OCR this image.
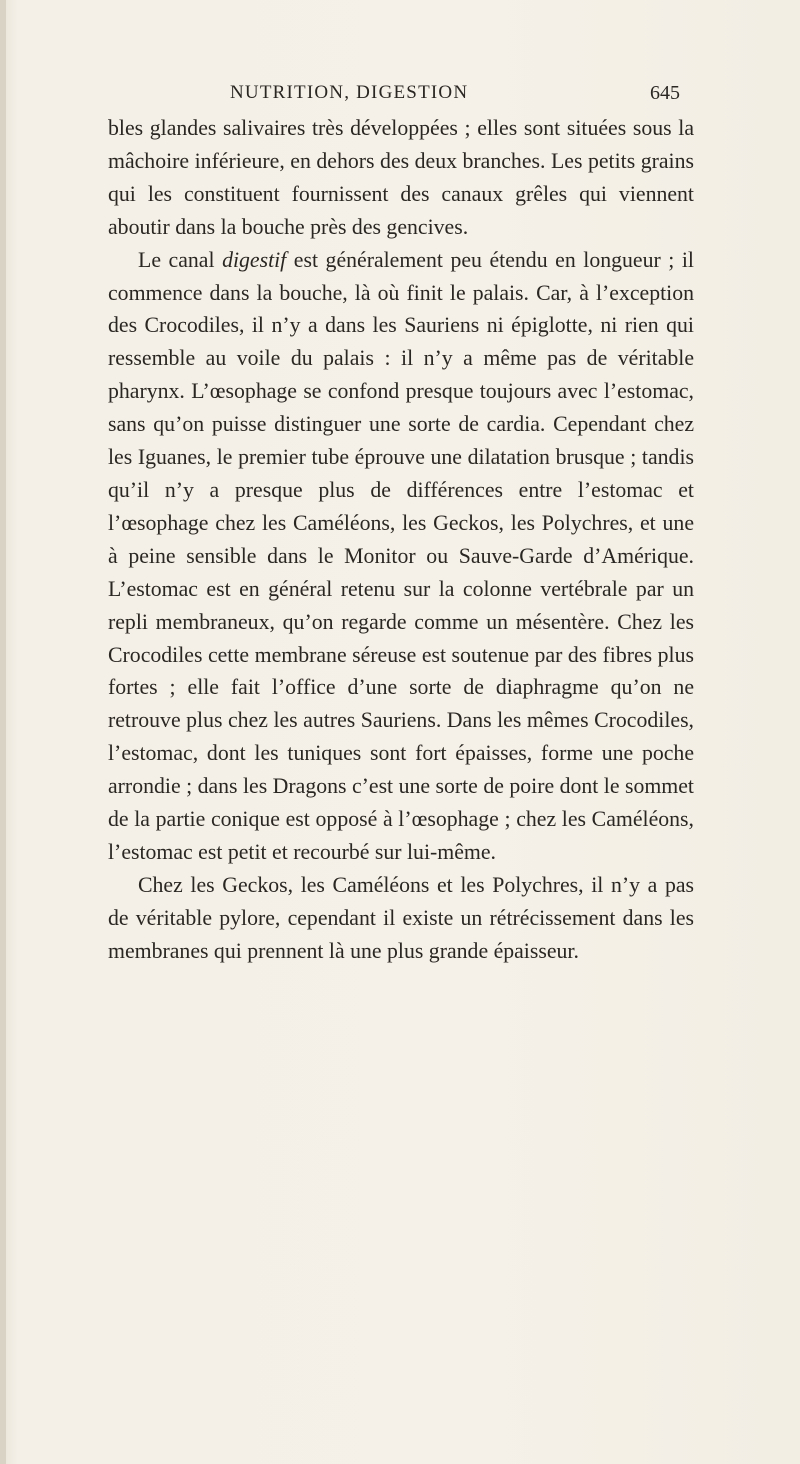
NUTRITION, DIGESTION	645

bles glandes salivaires très développées ; elles sont situées sous la mâchoire inférieure, en dehors des deux branches. Les petits grains qui les constituent fournissent des canaux grêles qui viennent aboutir dans la bouche près des gencives.

Le canal digestif est généralement peu étendu en longueur ; il commence dans la bouche, là où finit le palais. Car, à l’exception des Crocodiles, il n’y a dans les Sauriens ni épiglotte, ni rien qui ressemble au voile du palais : il n’y a même pas de véritable pharynx. L’œsophage se confond presque toujours avec l’estomac, sans qu’on puisse distinguer une sorte de cardia. Cependant chez les Iguanes, le premier tube éprouve une dilatation brusque ; tandis qu’il n’y a presque plus de différences entre l’estomac et l’œsophage chez les Caméléons, les Geckos, les Polychres, et une à peine sensible dans le Monitor ou Sauve-Garde d’Amérique. L’estomac est en général retenu sur la colonne vertébrale par un repli membraneux, qu’on regarde comme un mésentère. Chez les Crocodiles cette membrane séreuse est soutenue par des fibres plus fortes ; elle fait l’office d’une sorte de diaphragme qu’on ne retrouve plus chez les autres Sauriens. Dans les mêmes Crocodiles, l’estomac, dont les tuniques sont fort épaisses, forme une poche arrondie ; dans les Dragons c’est une sorte de poire dont le sommet de la partie conique est opposé à l’œsophage ; chez les Caméléons, l’estomac est petit et recourbé sur lui-même.

Chez les Geckos, les Caméléons et les Polychres, il n’y a pas de véritable pylore, cependant il existe un rétrécissement dans les membranes qui prennent là une plus grande épaisseur.
